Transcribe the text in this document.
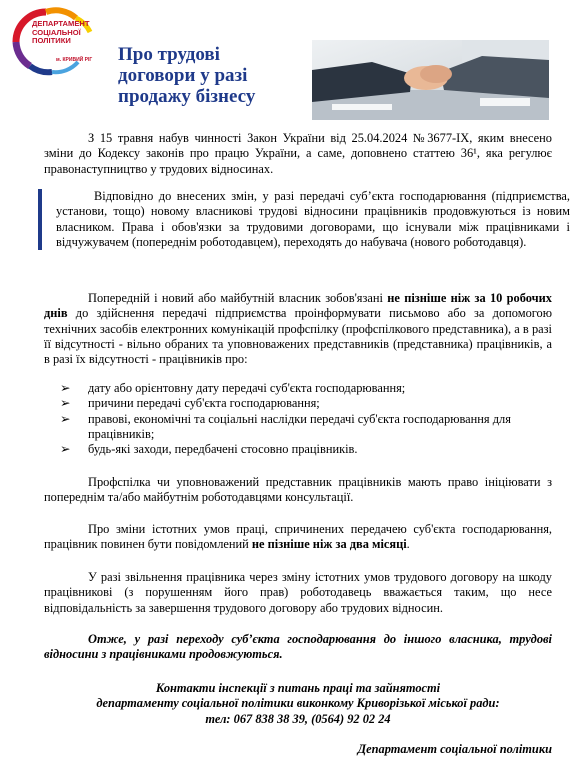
ДЕПАРТАМЕНТ
СОЦІАЛЬНОЇ
ПОЛІТИКИ
м. КРИВИЙ РІГ Про трудові
договори у разі
продажу бізнесу
З 15 травня набув чинності Закон України від 25.04.2024 №3677-IX, яким внесено зміни до Кодексу законів про працю України, а саме, доповнено статтею 36¹, яка регулює правонаступництво у трудових відносинах.

Відповідно до внесених змін, у разі передачі суб’єкта господарювання (підприємства, установи, тощо) новому власникові трудові відносини працівників продовжуються із новим власником. Права і обов'язки за трудовими договорами, що існували між працівниками і відчужувачем (попереднім роботодавцем), переходять до набувача (нового роботодавця).

Попередній і новий або майбутній власник зобов'язані не пізніше ніж за 10 робочих днів до здійснення передачі підприємства проінформувати письмово або за допомогою технічних засобів електронних комунікацій профспілку (профспілкового представника), а в разі її відсутності - вільно обраних та уповноважених представників (представника) працівників, а в разі їх відсутності - працівників про:
➢ дату або орієнтовну дату передачі суб'єкта господарювання;
➢ причини передачі суб'єкта господарювання;
➢ правові, економічні та соціальні наслідки передачі суб'єкта господарювання для працівників;
➢ будь-які заходи, передбачені стосовно працівників.
Профспілка чи уповноважений представник працівників мають право ініціювати з попереднім та/або майбутнім роботодавцями консультації.
Про зміни істотних умов праці, спричинених передачею суб'єкта господарювання, працівник повинен бути повідомлений не пізніше ніж за два місяці.
У разі звільнення працівника через зміну істотних умов трудового договору на шкоду працівникові (з порушенням його прав) роботодавець вважається таким, що несе відповідальність за завершення трудового договору або трудових відносин.
Отже, у разі переходу суб’єкта господарювання до іншого власника, трудові відносини з працівниками продовжуються.
Контакти інспекції з питань праці та зайнятості
департаменту соціальної політики виконкому Криворізької міської ради:
тел: 067 838 38 39, (0564) 92 02 24
Департамент соціальної політики
